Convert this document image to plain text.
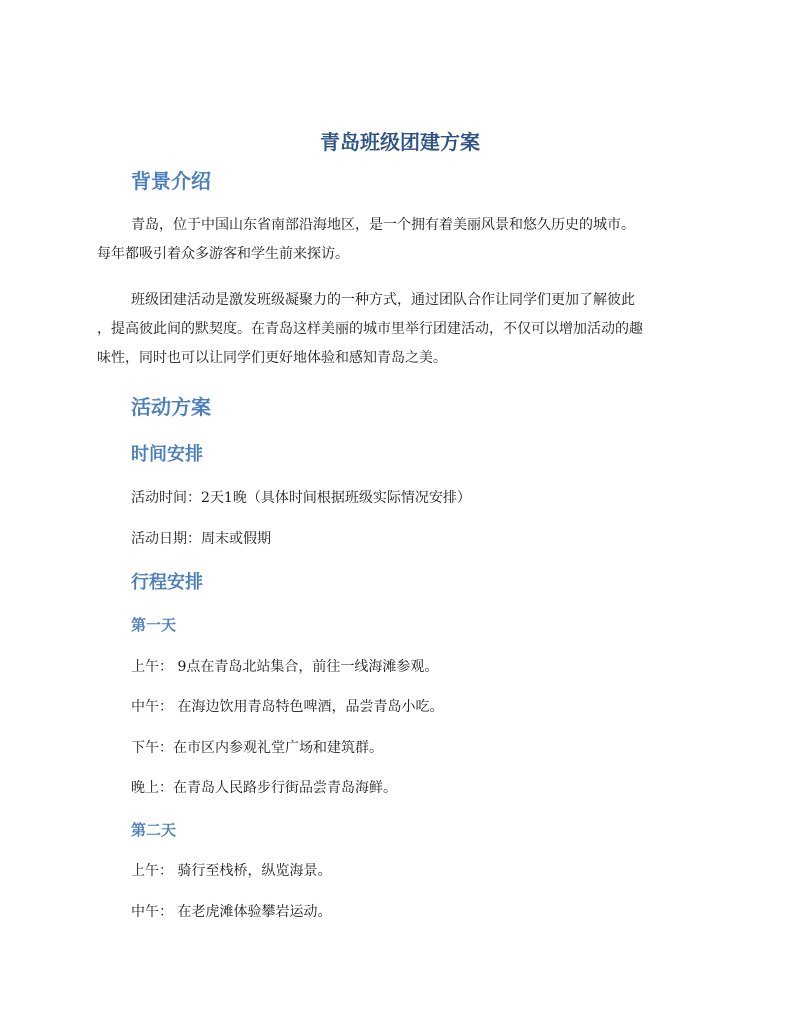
青岛班级团建方案
背景介绍
青岛，位于中国山东省南部沿海地区，是一个拥有着美丽风景和悠久历史的城市。
每年都吸引着众多游客和学生前来探访。
班级团建活动是激发班级凝聚力的一种方式，通过团队合作让同学们更加了解彼此
，提高彼此间的默契度。在青岛这样美丽的城市里举行团建活动，不仅可以增加活动的趣
味性，同时也可以让同学们更好地体验和感知青岛之美。
活动方案
时间安排
活动时间：2天1晚（具体时间根据班级实际情况安排）
活动日期：周末或假期
行程安排
第一天
上午： 9点在青岛北站集合，前往一线海滩参观。
中午： 在海边饮用青岛特色啤酒，品尝青岛小吃。
下午：在市区内参观礼堂广场和建筑群。
晚上：在青岛人民路步行街品尝青岛海鲜。
第二天
上午： 骑行至栈桥，纵览海景。
中午： 在老虎滩体验攀岩运动。
